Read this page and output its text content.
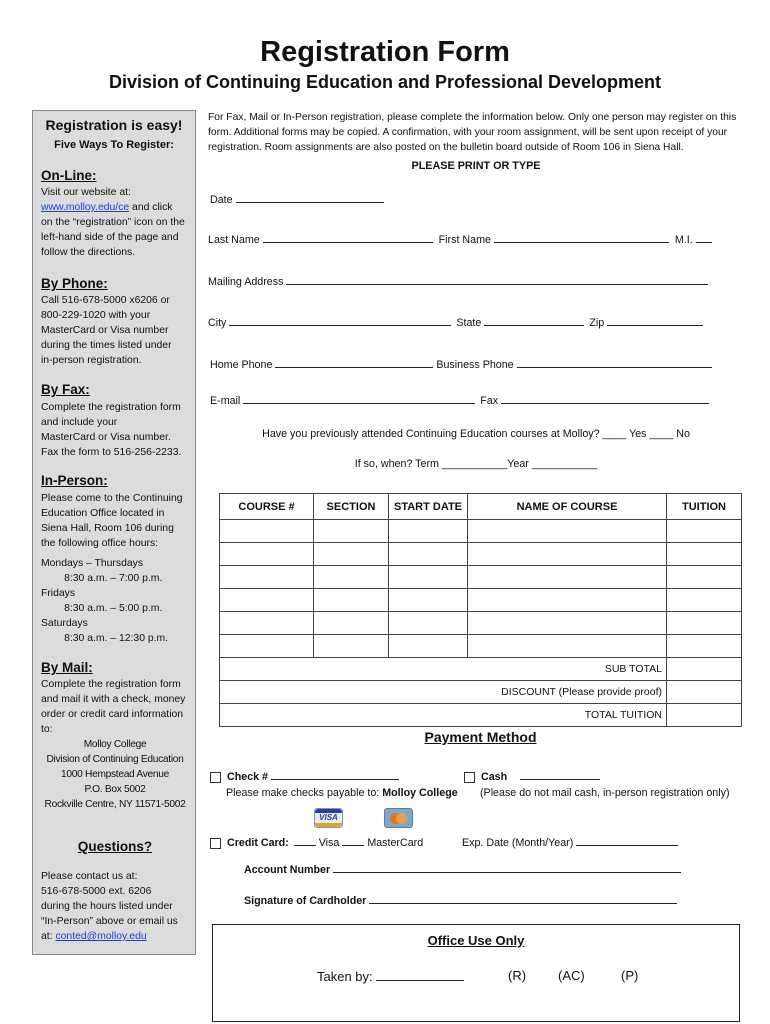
Registration Form
Division of Continuing Education and Professional Development
Registration is easy!
Five Ways To Register:
On-Line:
Visit our website at:
www.molloy.edu/ce and click
on the “registration” icon on the
left-hand side of the page and
follow the directions.
By Phone:
Call 516-678-5000 x6206 or
800-229-1020 with your
MasterCard or Visa number
during the times listed under
in-person registration.
By Fax:
Complete the registration form
and include your
MasterCard or Visa number.
Fax the form to 516-256-2233.
In-Person:
Please come to the Continuing
Education Office located in
Siena Hall, Room 106 during
the following office hours:
Mondays – Thursdays
8:30 a.m. – 7:00 p.m.
Fridays
8:30 a.m. – 5:00 p.m.
Saturdays
8:30 a.m. – 12:30 p.m.
By Mail:
Complete the registration form
and mail it with a check, money
order or credit card information
to:
Molloy College
Division of Continuing Education
1000 Hempstead Avenue
P.O. Box 5002
Rockville Centre, NY 11571-5002
Questions?
Please contact us at:
516-678-5000 ext. 6206
during the hours listed under
“In-Person” above or email us
at: conted@molloy.edu
For Fax, Mail or In-Person registration, please complete the information below. Only one person may register on this form. Additional forms may be copied. A confirmation, with your room assignment, will be sent upon receipt of your registration. Room assignments are also posted on the bulletin board outside of Room 106 in Siena Hall.
PLEASE PRINT OR TYPE
Date
Last Name	First Name	M.I.
Mailing Address
City	State	Zip
Home Phone	Business Phone
E-mail	Fax
Have you previously attended Continuing Education courses at Molloy? ____ Yes ____ No
If so, when? Term ___________Year ___________
COURSE #	SECTION	START DATE	NAME OF COURSE	TUITION

SUB TOTAL				
DISCOUNT (Please provide proof)				
TOTAL TUITION				
Payment Method
Check #
Please make checks payable to: Molloy College
Cash
(Please do not mail cash, in-person registration only)
VISA
Credit Card:	Visa	MasterCard	Exp. Date (Month/Year)
Account Number
Signature of Cardholder
Office Use Only
Taken by:	(R) (AC)	(P)
